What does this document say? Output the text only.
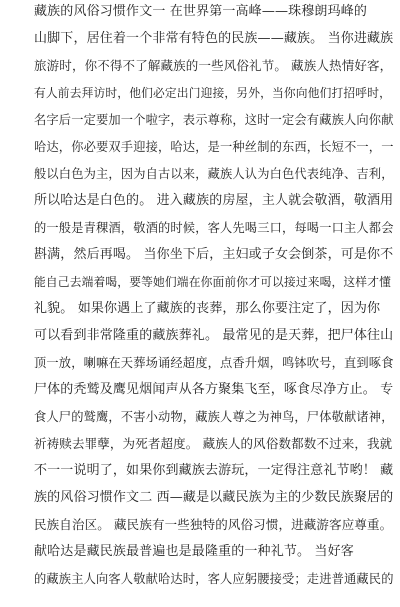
藏族的风俗习惯作文一 在世界第一高峰——珠穆朗玛峰的
山脚下，居住着一个非常有特色的民族——藏族。 当你进藏族
旅游时，你不得不了解藏族的一些风俗礼节。 藏族人热情好客，
有人前去拜访时，他们必定出门迎接，另外，当你向他们打招呼时，
名字后一定要加一个啦字，表示尊称，这时一定会有藏族人向你献
哈达，你必要双手迎接，哈达，是一种丝制的东西，长短不一，一
般以白色为主，因为自古以来，藏族人认为白色代表纯净、吉利，
所以哈达是白色的。 进入藏族的房屋，主人就会敬酒，敬酒用
的一般是青稞酒，敬酒的时候，客人先喝三口，每喝一口主人都会
斟满，然后再喝。 当你坐下后，主妇或子女会倒茶，可是你不
能自己去端着喝，要等她们端在你面前你才可以接过来喝，这样才懂
礼貌。 如果你遇上了藏族的丧葬，那么你要注定了，因为你
可以看到非常隆重的藏族葬礼。 最常见的是天葬，把尸体往山
顶一放，喇嘛在天葬场诵经超度，点香升烟，鸣钵吹号，直到啄食
尸体的秃鹫及鹰见烟闻声从各方聚集飞至，啄食尽净方止。 专
食人尸的鹫鹰，不害小动物，藏族人尊之为神鸟，尸体敬献诸神，
祈祷赎去罪孽，为死者超度。 藏族人的风俗数都数不过来，我就
不一一说明了，如果你到藏族去游玩，一定得注意礼节哟！ 藏
族的风俗习惯作文二 西—藏是以藏民族为主的少数民族聚居的
民族自治区。 藏民族有一些独特的风俗习惯，进藏游客应尊重。
献哈达是藏民族最普遍也是最隆重的一种礼节。 当好客
的藏族主人向客人敬献哈达时，客人应躬腰接受；走进普通藏民的
